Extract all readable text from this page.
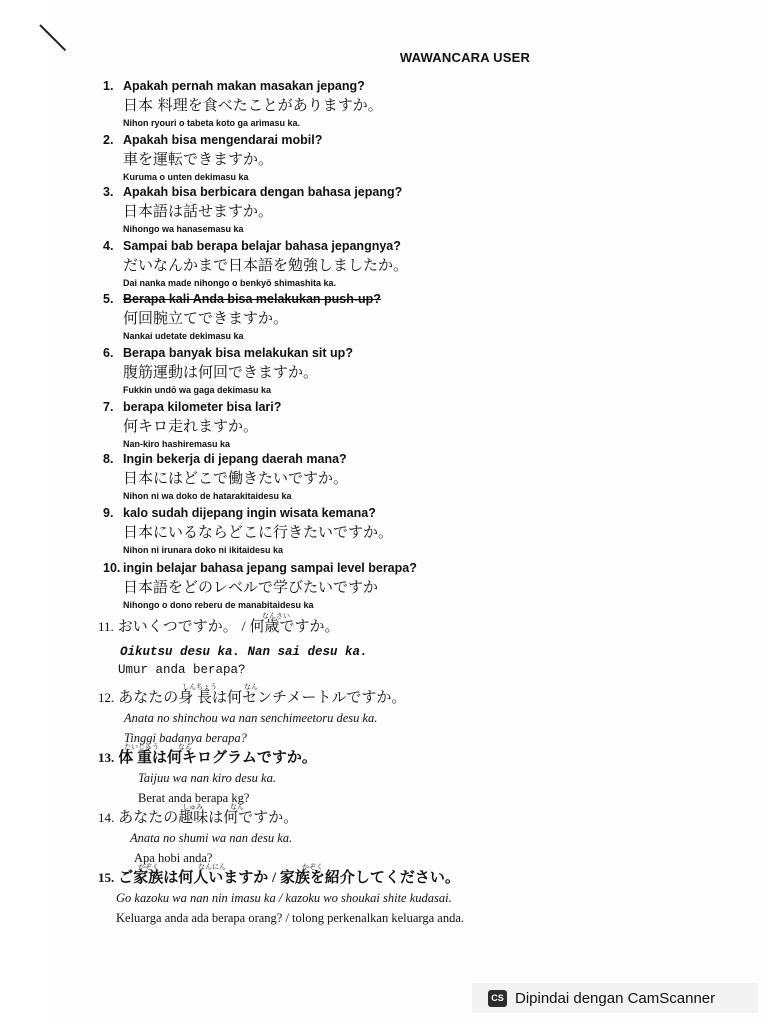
WAWANCARA USER
1. Apakah pernah makan masakan jepang?
日本 料理を食べたことがありますか。
Nihon ryouri o tabeta koto ga arimasu ka.
2. Apakah bisa mengendarai mobil?
車を運転できますか。
Kuruma o unten dekimasu ka
3. Apakah bisa berbicara dengan bahasa jepang?
日本語は話せますか。
Nihongo wa hanasemasu ka
4. Sampai bab berapa belajar bahasa jepangnya?
だいなんかまで日本語を勉強しましたか。
Dai nanka made nihongo o benkyō shimashita ka.
5. Berapa kali Anda bisa melakukan push-up?
何回腕立てできますか。
Nankai udetate dekimasu ka
6. Berapa banyak bisa melakukan sit up?
腹筋運動は何回できますか。
Fukkin undō wa gaga dekimasu ka
7. berapa kilometer bisa lari?
何キロ走れますか。
Nan-kiro hashiremasu ka
8. Ingin bekerja di jepang daerah mana?
日本にはどこで働きたいですか。
Nihon ni wa doko de hatarakitaidesu ka
9. kalo sudah dijepang ingin wisata kemana?
日本にいるならどこに行きたいですか。
Nihon ni irunara doko ni ikitaidesu ka
10. ingin belajar bahasa jepang sampai level berapa?
日本語をどのレベルで学びたいですか
Nihongo o dono reberu de manabitaidesu ka
11. おいくつですか。 / 何歳ですか。
なんさい
Oikutsu desu ka. Nan sai desu ka.
Umur anda berapa?
12. あなたの身 長は何センチメートルですか。
しんちょう	なん
Anata no shinchou wa nan senchimeetoru desu ka.
Tinggi badanya berapa?
13. 体 重は何キログラムですか。
たいじゅう	なん
Taijuu wa nan kiro desu ka.
Berat anda berapa kg?
14. あなたの趣味は何ですか。
しゅみ	なん
Anata no shumi wa nan desu ka.
Apa hobi anda?
15. ご家族は何人いますか / 家族を紹介してください。
かぞく	なんにん	かぞく
Go kazoku wa nan nin imasu ka / kazoku wo shoukai shite kudasai.
Keluarga anda ada berapa orang? / tolong perkenalkan keluarga anda.
CS Dipindai dengan CamScanner
